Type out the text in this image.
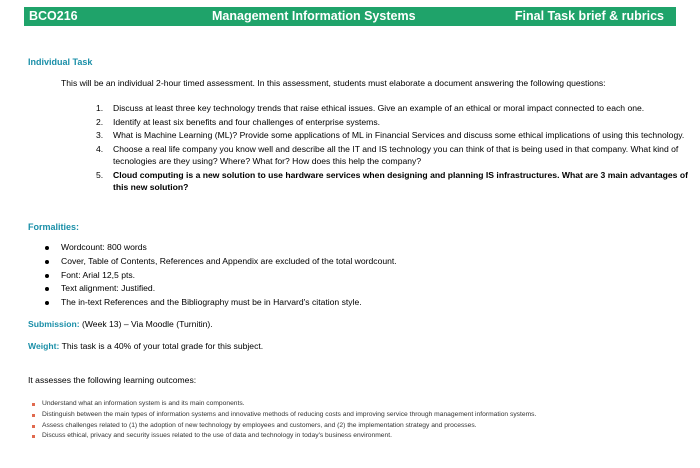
BCO216	Management Information Systems	Final Task brief & rubrics
Individual Task
This will be an individual 2-hour timed assessment. In this assessment, students must elaborate a document answering the following questions:
1. Discuss at least three key technology trends that raise ethical issues. Give an example of an ethical or moral impact connected to each one.
2. Identify at least six benefits and four challenges of enterprise systems.
3. What is Machine Learning (ML)? Provide some applications of ML in Financial Services and discuss some ethical implications of using this technology.
4. Choose a real life company you know well and describe all the IT and IS technology you can think of that is being used in that company. What kind of tecnologies are they using? Where? What for? How does this help the company?
5. Cloud computing is a new solution to use hardware services when designing and planning IS infrastructures. What are 3 main advantages of this new solution?
Formalities:
Wordcount: 800 words
Cover, Table of Contents, References and Appendix are excluded of the total wordcount.
Font: Arial 12,5 pts.
Text alignment: Justified.
The in-text References and the Bibliography must be in Harvard's citation style.
Submission: (Week 13) – Via Moodle (Turnitin).
Weight: This task is a 40% of your total grade for this subject.
It assesses the following learning outcomes:
Understand what an information system is and its main components.
Distinguish between the main types of information systems and innovative methods of reducing costs and improving service through management information systems.
Assess challenges related to (1) the adoption of new technology by employees and customers, and (2) the implementation strategy and processes.
Discuss ethical, privacy and security issues related to the use of data and technology in today's business environment.
